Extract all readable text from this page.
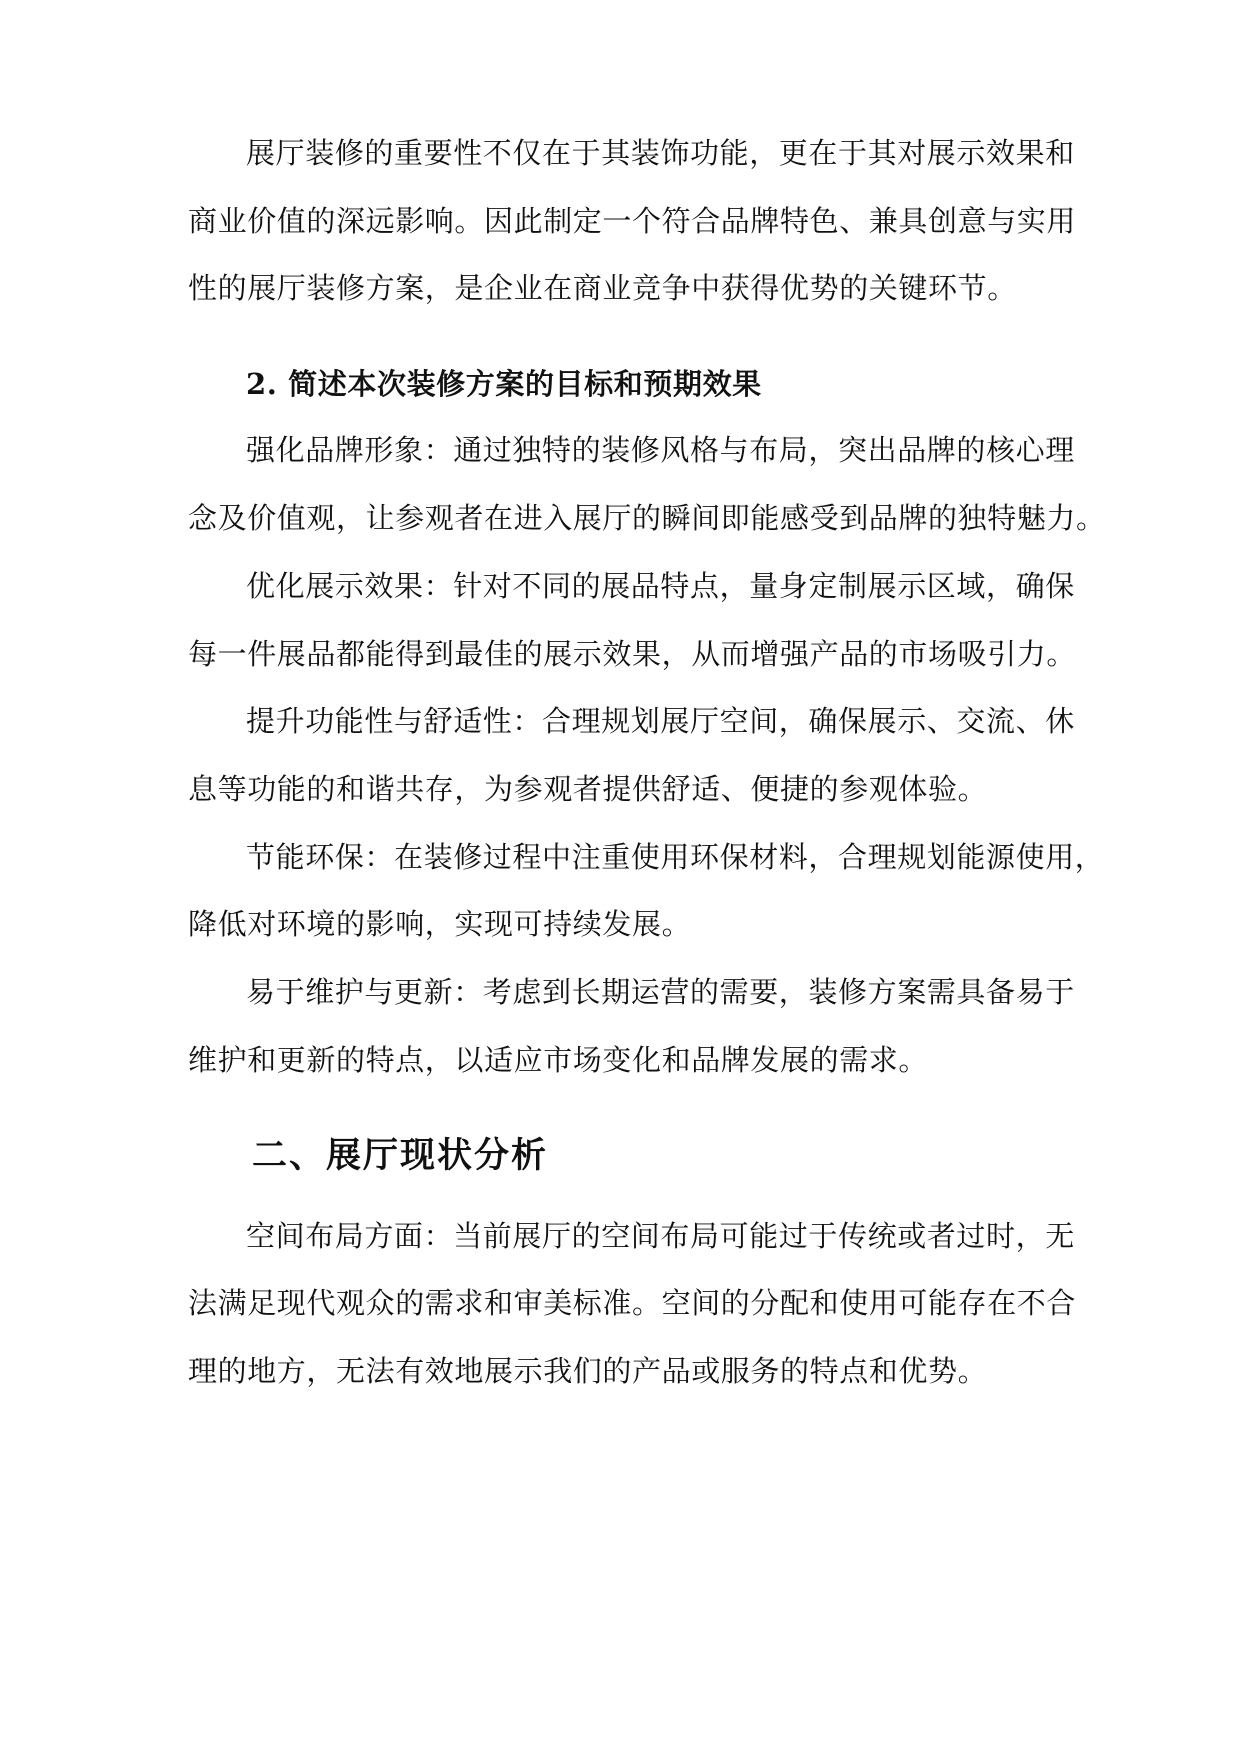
展厅装修的重要性不仅在于其装饰功能，更在于其对展示效果和
商业价值的深远影响。因此制定一个符合品牌特色、兼具创意与实用
性的展厅装修方案，是企业在商业竞争中获得优势的关键环节。
2. 简述本次装修方案的目标和预期效果
强化品牌形象：通过独特的装修风格与布局，突出品牌的核心理
念及价值观，让参观者在进入展厅的瞬间即能感受到品牌的独特魅力。
优化展示效果：针对不同的展品特点，量身定制展示区域，确保
每一件展品都能得到最佳的展示效果，从而增强产品的市场吸引力。
提升功能性与舒适性：合理规划展厅空间，确保展示、交流、休
息等功能的和谐共存，为参观者提供舒适、便捷的参观体验。
节能环保：在装修过程中注重使用环保材料，合理规划能源使用，
降低对环境的影响，实现可持续发展。
易于维护与更新：考虑到长期运营的需要，装修方案需具备易于
维护和更新的特点，以适应市场变化和品牌发展的需求。
二、展厅现状分析
空间布局方面：当前展厅的空间布局可能过于传统或者过时，无
法满足现代观众的需求和审美标准。空间的分配和使用可能存在不合
理的地方，无法有效地展示我们的产品或服务的特点和优势。
